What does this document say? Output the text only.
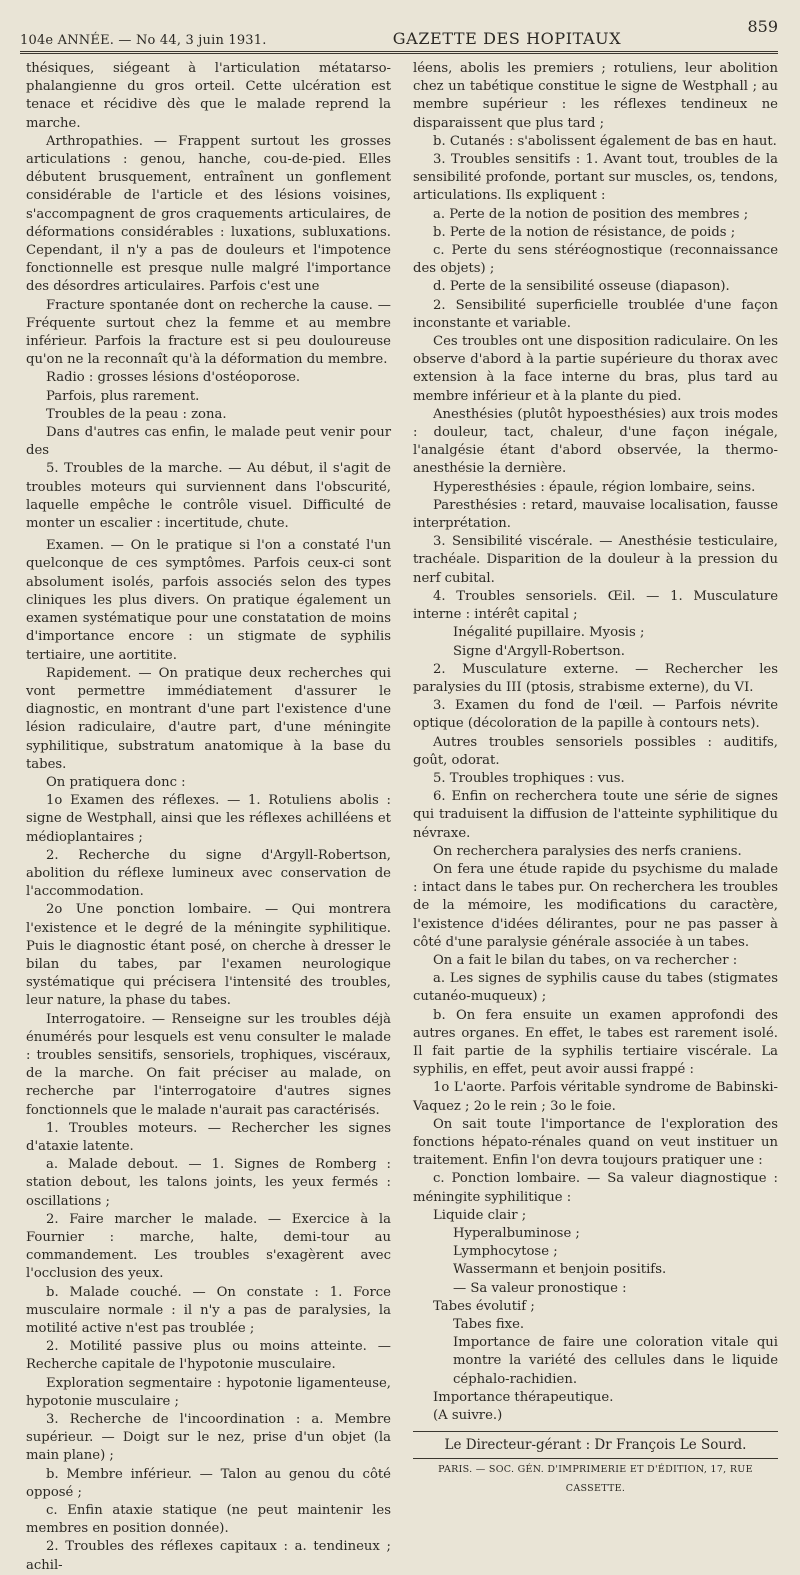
104e ANNÉE. — No 44, 3 juin 1931.	GAZETTE DES HOPITAUX
859

thésiques, siégeant à l'articulation métatarso-phalangienne du gros orteil. Cette ulcération est tenace et récidive dès que le malade reprend la marche.

Arthropathies. — Frappent surtout les grosses articulations : genou, hanche, cou-de-pied. Elles débutent brusquement, entraînent un gonflement considérable de l'article et des lésions voisines, s'accompagnent de gros craquements articulaires, de déformations considérables : luxations, subluxations. Cependant, il n'y a pas de douleurs et l'impotence fonctionnelle est presque nulle malgré l'importance des désordres articulaires. Parfois c'est une

Fracture spontanée dont on recherche la cause. — Fréquente surtout chez la femme et au membre inférieur. Parfois la fracture est si peu douloureuse qu'on ne la reconnaît qu'à la déformation du membre.

Radio : grosses lésions d'ostéoporose.

Parfois, plus rarement.

Troubles de la peau : zona.

Dans d'autres cas enfin, le malade peut venir pour des

5. Troubles de la marche. — Au début, il s'agit de troubles moteurs qui surviennent dans l'obscurité, laquelle empêche le contrôle visuel. Difficulté de monter un escalier : incertitude, chute.

Examen. — On le pratique si l'on a constaté l'un quelconque de ces symptômes. Parfois ceux-ci sont absolument isolés, parfois associés selon des types cliniques les plus divers. On pratique également un examen systématique pour une constatation de moins d'importance encore : un stigmate de syphilis tertiaire, une aortitite.

Rapidement. — On pratique deux recherches qui vont permettre immédiatement d'assurer le diagnostic, en montrant d'une part l'existence d'une lésion radiculaire, d'autre part, d'une méningite syphilitique, substratum anatomique à la base du tabes.

On pratiquera donc :

1o Examen des réflexes. — 1. Rotuliens abolis : signe de Westphall, ainsi que les réflexes achilléens et médioplantaires ;

2. Recherche du signe d'Argyll-Robertson, abolition du réflexe lumineux avec conservation de l'accommodation.

2o Une ponction lombaire. — Qui montrera l'existence et le degré de la méningite syphilitique. Puis le diagnostic étant posé, on cherche à dresser le bilan du tabes, par l'examen neurologique systématique qui précisera l'intensité des troubles, leur nature, la phase du tabes.

Interrogatoire. — Renseigne sur les troubles déjà énumérés pour lesquels est venu consulter le malade : troubles sensitifs, sensoriels, trophiques, viscéraux, de la marche. On fait préciser au malade, on recherche par l'interrogatoire d'autres signes fonctionnels que le malade n'aurait pas caractérisés.

1. Troubles moteurs. — Rechercher les signes d'ataxie latente.

a. Malade debout. — 1. Signes de Romberg : station debout, les talons joints, les yeux fermés : oscillations ;

2. Faire marcher le malade. — Exercice à la Fournier : marche, halte, demi-tour au commandement. Les troubles s'exagèrent avec l'occlusion des yeux.

b. Malade couché. — On constate : 1. Force musculaire normale : il n'y a pas de paralysies, la motilité active n'est pas troublée ;

2. Motilité passive plus ou moins atteinte. — Recherche capitale de l'hypotonie musculaire.

Exploration segmentaire : hypotonie ligamenteuse, hypotonie musculaire ;

3. Recherche de l'incoordination : a. Membre supérieur. — Doigt sur le nez, prise d'un objet (la main plane) ;

b. Membre inférieur. — Talon au genou du côté opposé ;

c. Enfin ataxie statique (ne peut maintenir les membres en position donnée).

2. Troubles des réflexes capitaux : a. tendineux ; achil-

léens, abolis les premiers ; rotuliens, leur abolition chez un tabétique constitue le signe de Westphall ; au membre supérieur : les réflexes tendineux ne disparaissent que plus tard ;

b. Cutanés : s'abolissent également de bas en haut.

3. Troubles sensitifs : 1. Avant tout, troubles de la sensibilité profonde, portant sur muscles, os, tendons, articulations. Ils expliquent :

a. Perte de la notion de position des membres ;

b. Perte de la notion de résistance, de poids ;

c. Perte du sens stéréognostique (reconnaissance des objets) ;

d. Perte de la sensibilité osseuse (diapason).

2. Sensibilité superficielle troublée d'une façon inconstante et variable.

Ces troubles ont une disposition radiculaire. On les observe d'abord à la partie supérieure du thorax avec extension à la face interne du bras, plus tard au membre inférieur et à la plante du pied.

Anesthésies (plutôt hypoesthésies) aux trois modes : douleur, tact, chaleur, d'une façon inégale, l'analgésie étant d'abord observée, la thermo-anesthésie la dernière.

Hyperesthésies : épaule, région lombaire, seins.

Paresthésies : retard, mauvaise localisation, fausse interprétation.

3. Sensibilité viscérale. — Anesthésie testiculaire, trachéale. Disparition de la douleur à la pression du nerf cubital.

4. Troubles sensoriels. Œil. — 1. Musculature interne : intérêt capital ;

Inégalité pupillaire. Myosis ;

Signe d'Argyll-Robertson.

2. Musculature externe. — Rechercher les paralysies du III (ptosis, strabisme externe), du VI.

3. Examen du fond de l'œil. — Parfois névrite optique (décoloration de la papille à contours nets).

Autres troubles sensoriels possibles : auditifs, goût, odorat.

5. Troubles trophiques : vus.

6. Enfin on recherchera toute une série de signes qui traduisent la diffusion de l'atteinte syphilitique du névraxe.

On recherchera paralysies des nerfs craniens.

On fera une étude rapide du psychisme du malade : intact dans le tabes pur. On recherchera les troubles de la mémoire, les modifications du caractère, l'existence d'idées délirantes, pour ne pas passer à côté d'une paralysie générale associée à un tabes.

On a fait le bilan du tabes, on va rechercher :

a. Les signes de syphilis cause du tabes (stigmates cutanéo-muqueux) ;

b. On fera ensuite un examen approfondi des autres organes. En effet, le tabes est rarement isolé. Il fait partie de la syphilis tertiaire viscérale. La syphilis, en effet, peut avoir aussi frappé :

1o L'aorte. Parfois véritable syndrome de Babinski-Vaquez ; 2o le rein ; 3o le foie.

On sait toute l'importance de l'exploration des fonctions hépato-rénales quand on veut instituer un traitement. Enfin l'on devra toujours pratiquer une :

c. Ponction lombaire. — Sa valeur diagnostique : méningite syphilitique :

Liquide clair ;

Hyperalbuminose ;

Lymphocytose ;

Wassermann et benjoin positifs.

— Sa valeur pronostique :

Tabes évolutif ;

Tabes fixe.

Importance de faire une coloration vitale qui montre la variété des cellules dans le liquide céphalo-rachidien.

Importance thérapeutique.

(A suivre.)

Le Directeur-gérant : Dr François Le Sourd.
PARIS. — SOC. GÉN. D'IMPRIMERIE ET D'ÉDITION, 17, RUE CASSETTE.
